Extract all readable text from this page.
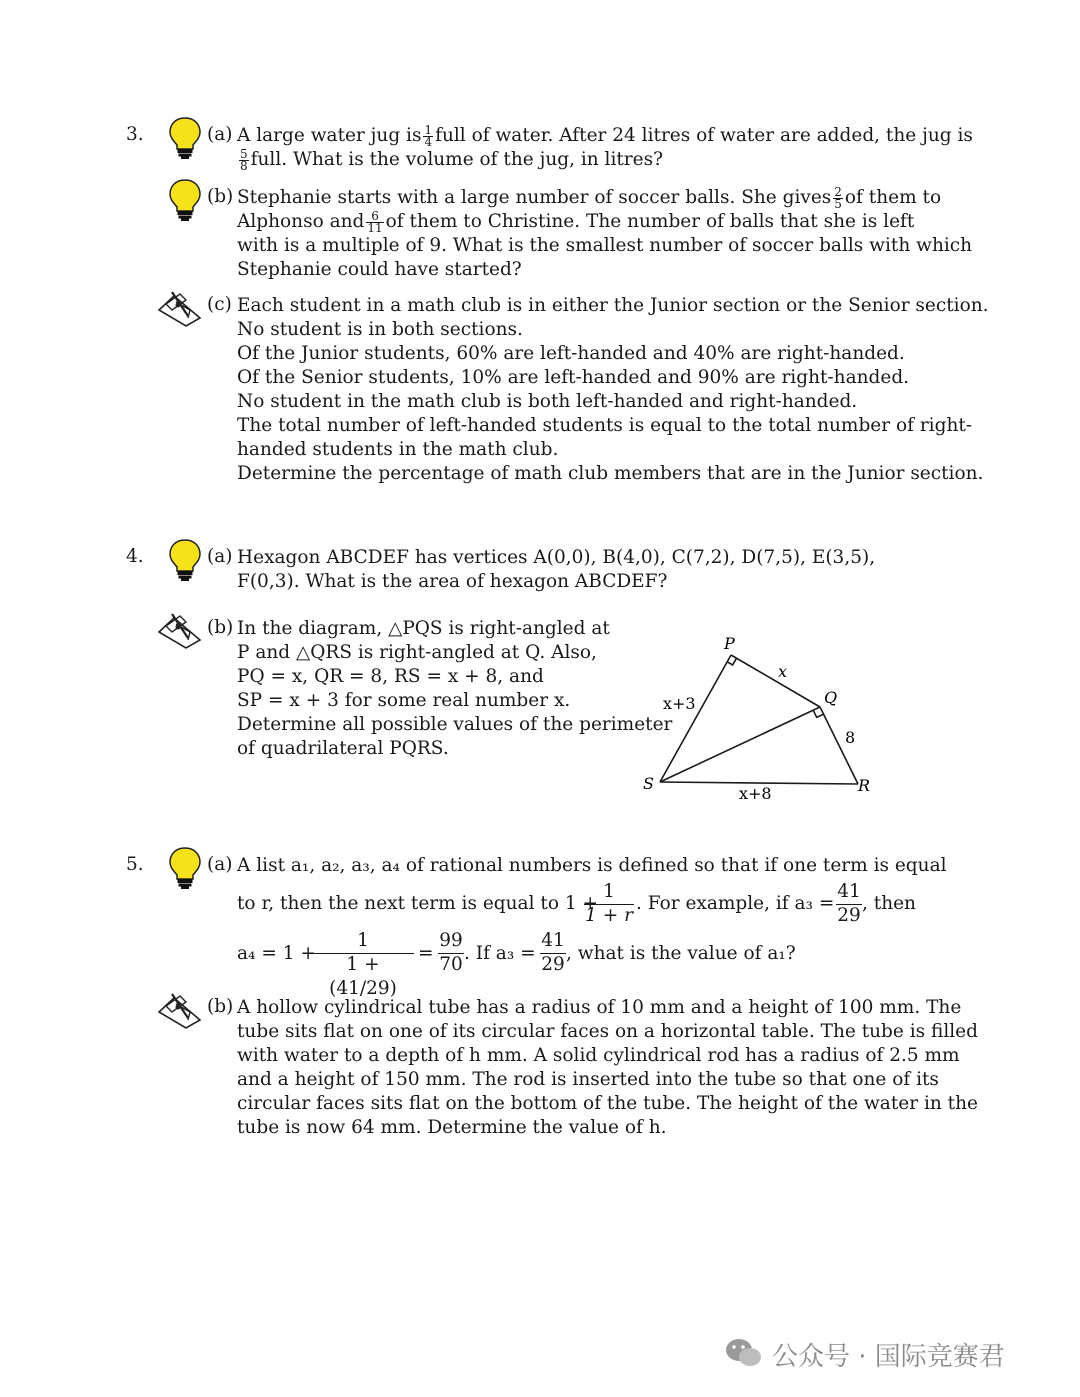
3.	(a) A large water jug is $\frac{1}{4}$ full of water. After 24 litres of water are added, the jug is
$\frac{5}{8}$ full. What is the volume of the jug, in litres?
(b) Stephanie starts with a large number of soccer balls. She gives $\frac{2}{5}$ of them to
Alphonso and $\frac{6}{11}$ of them to Christine. The number of balls that she is left
with is a multiple of 9. What is the smallest number of soccer balls with which
Stephanie could have started?
(c) Each student in a math club is in either the Junior section or the Senior section.
No student is in both sections.
Of the Junior students, 60% are left-handed and 40% are right-handed.
Of the Senior students, 10% are left-handed and 90% are right-handed.
No student in the math club is both left-handed and right-handed.
The total number of left-handed students is equal to the total number of right-
handed students in the math club.
Determine the percentage of math club members that are in the Junior section.
4.	(a) Hexagon ABCDEF has vertices A(0,0), B(4,0), C(7,2), D(7,5), E(3,5),
F(0,3). What is the area of hexagon ABCDEF?
(b) In the diagram, △PQS is right-angled at
P and △QRS is right-angled at Q. Also,
PQ = x, QR = 8, RS = x + 8, and
SP = x + 3 for some real number x.
Determine all possible values of the perimeter
of quadrilateral PQRS.
P
Q
R
S
x
8
x+8
x+3
5.	(a) A list a₁, a₂, a₃, a₄ of rational numbers is defined so that if one term is equal
to r, then the next term is equal to 1 +
1
1 + r
. For example, if a₃ =
41
29
, then
a₄ = 1 +
1
1 + (41/29)
=
99
70
. If a₃ =
41
29
, what is the value of a₁?
(b) A hollow cylindrical tube has a radius of 10 mm and a height of 100 mm. The
tube sits flat on one of its circular faces on a horizontal table. The tube is filled
with water to a depth of h mm. A solid cylindrical rod has a radius of 2.5 mm
and a height of 150 mm. The rod is inserted into the tube so that one of its
circular faces sits flat on the bottom of the tube. The height of the water in the
tube is now 64 mm. Determine the value of h.
公众号 · 国际竞赛君
